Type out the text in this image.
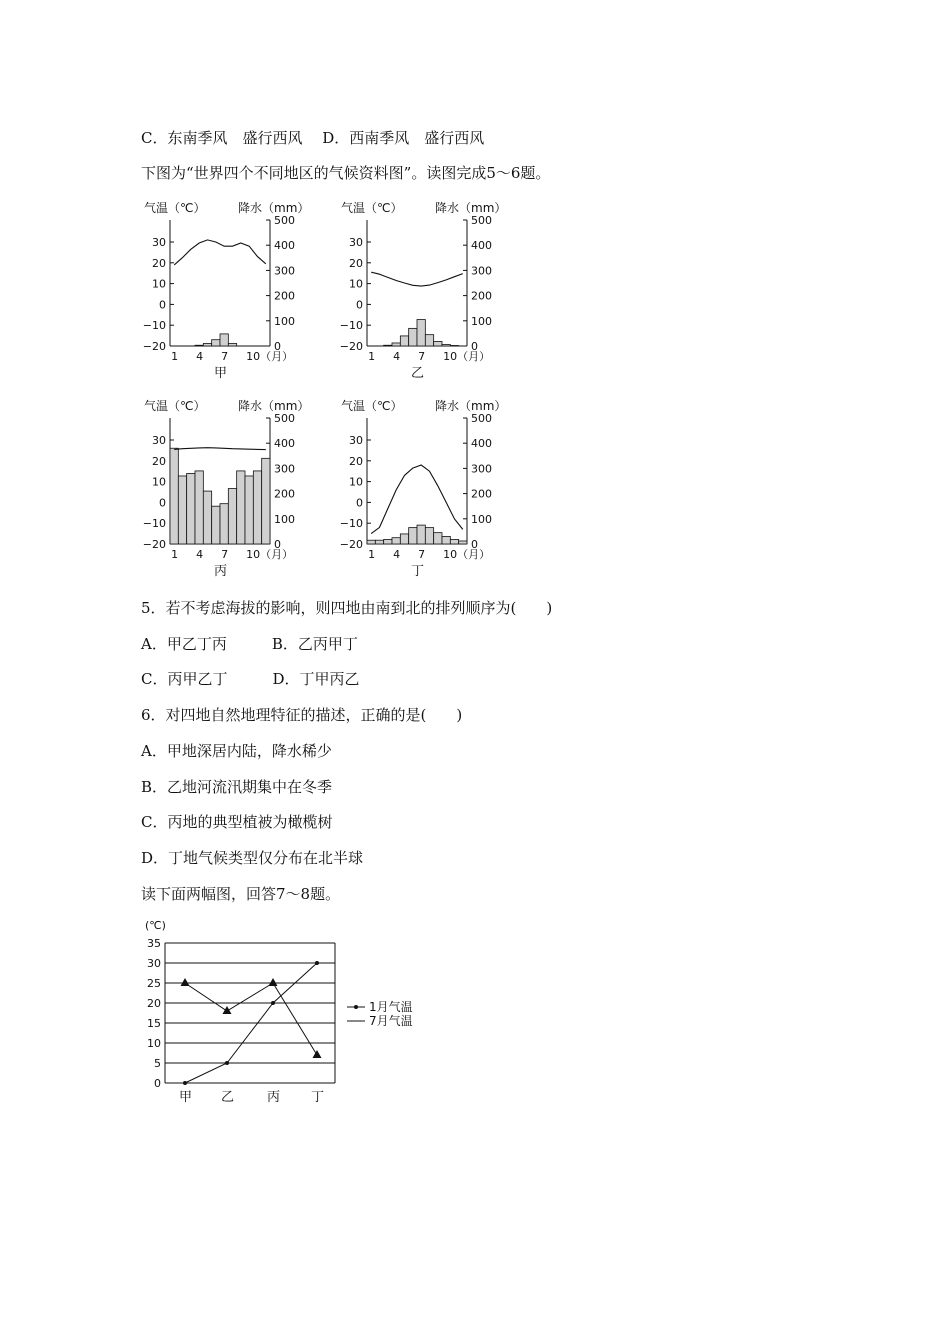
C．东南季风　盛行西风　 D．西南季风　盛行西风
下图为“世界四个不同地区的气候资料图”。读图完成5～6题。
气温（℃）	降水（mm）
30
20
10
0
−10
−20
500
400
300
200
100
0
1 4 7 10（月）
甲
气温（℃）	降水（mm）
30
20
10
0
−10
−20
500
400
300
200
100
0
1 4 7 10（月）
乙
气温（℃）	降水（mm）
30
20
10
0
−10
−20
500
400
300
200
100
0
1 4 7 10（月）
丙
气温（℃）	降水（mm）
30
20
10
0
−10
−20
500
400
300
200
100
0
1 4 7 10（月）
丁
5．若不考虑海拔的影响，则四地由南到北的排列顺序为(　　)
A．甲乙丁丙　　　B．乙丙甲丁
C．丙甲乙丁　　　D．丁甲丙乙
6．对四地自然地理特征的描述，正确的是(　　)
A．甲地深居内陆，降水稀少
B．乙地河流汛期集中在冬季
C．丙地的典型植被为橄榄树
D．丁地气候类型仅分布在北半球
读下面两幅图，回答7～8题。
(℃)
35
30
25
20
15
10
5
0
甲 乙	丙 丁
1月气温
7月气温
